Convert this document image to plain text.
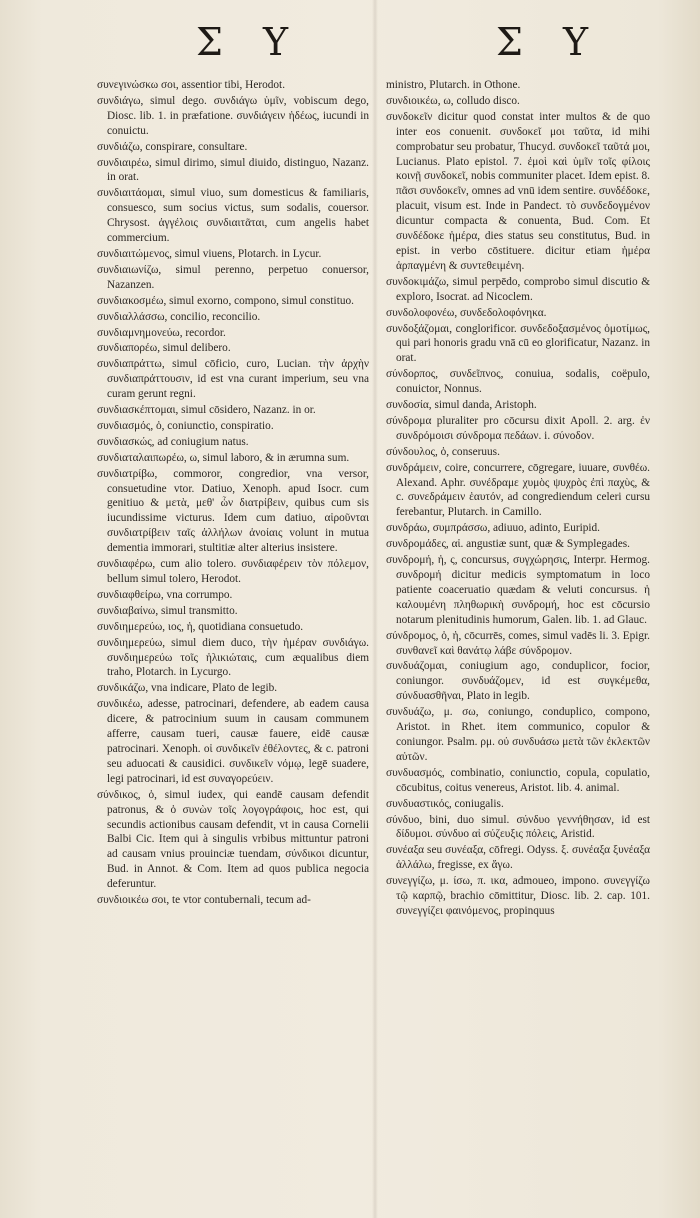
Σ Υ	Σ Υ

συνεγινώσκω σοι, assentior tibi, Herodot.

συνδιάγω, simul dego. συνδιάγω ὑμῖν, vobiscum dego, Diosc. lib. 1. in præfatione. συνδιάγειν ἡδέως, iucundi in conuictu.

συνδιάζω, conspirare, consultare.

συνδιαιρέω, simul dirimo, simul diuido, distinguo, Nazanz. in orat.

συνδιαιτάομαι, simul viuo, sum domesticus & familiaris, consuesco, sum socius victus, sum sodalis, couersor. Chrysost. ἀγγέλοις συνδιαιτᾶται, cum angelis habet commercium.

συνδιαιτώμενος, simul viuens, Plotarch. in Lycur.

συνδιαιωνίζω, simul perenno, perpetuo conuersor, Nazanzen.

συνδιακοσμέω, simul exorno, compono, simul constituo.

συνδιαλλάσσω, concilio, reconcilio.

συνδιαμνημονεύω, recordor.

συνδιαπορέω, simul delibero.

συνδιαπράττω, simul cōficio, curo, Lucian. τὴν ἀρχὴν συνδιαπράττουσιν, id est vna curant imperium, seu vna curam gerunt regni.

συνδιασκέπτομαι, simul cōsidero, Nazanz. in or.

συνδιασμός, ὁ, coniunctio, conspiratio.

συνδιασκώς, ad coniugium natus.

συνδιαταλαιπωρέω, ω, simul laboro, & in ærumna sum.

συνδιατρίβω, commoror, congredior, vna versor, consuetudine vtor. Datiuo, Xenoph. apud Isocr. cum genitiuo & μετὰ, μεθ' ὧν διατρίβειν, quibus cum sis iucundissime victurus. Idem cum datiuo, αἱροῦνται συνδιατρίβειν ταῖς ἀλλήλων ἀνοίαις volunt in mutua dementia immorari, stultitiæ alter alterius insistere.

συνδιαφέρω, cum alio tolero. συνδιαφέρειν τὸν πόλεμον, bellum simul tolero, Herodot.

συνδιαφθείρω, vna corrumpo.

συνδιαβαίνω, simul transmitto.

συνδιημερεύω, ιος, ἡ, quotidiana consuetudo.

συνδιημερεύω, simul diem duco, τὴν ἡμέραν συνδιάγω. συνδιημερεύω τοῖς ἡλικιώταις, cum æqualibus diem traho, Plotarch. in Lycurgo.

συνδικάζω, vna indicare, Plato de legib.

συνδικέω, adesse, patrocinari, defendere, ab eadem causa dicere, & patrocinium suum in causam communem afferre, causam tueri, causæ fauere, eidē causæ patrocinari. Xenoph. οἱ συνδικεῖν ἐθέλοντες, & c. patroni seu aduocati & causidici. συνδικεῖν νόμῳ, legē suadere, legi patrocinari, id est συναγορεύειν.

σύνδικος, ὁ, simul iudex, qui eandē causam defendit patronus, & ὁ συνὼν τοῖς λογογράφοις, hoc est, qui secundis actionibus causam defendit, vt in causa Cornelii Balbi Cic. Item qui à singulis vrbibus mittuntur patroni ad causam vnius prouinciæ tuendam, σύνδικοι dicuntur, Bud. in Annot. & Com. Item ad quos publica negocia deferuntur.

συνδιοικέω σοι, te vtor contubernali, tecum ad-

ministro, Plutarch. in Othone.

συνδιοικέω, ω, colludo disco.

συνδοκεῖν dicitur quod constat inter multos & de quo inter eos conuenit. συνδοκεῖ μοι ταῦτα, id mihi comprobatur seu probatur, Thucyd. συνδοκεῖ ταῦτά μοι, Lucianus. Plato epistol. 7. ἐμοὶ καὶ ὑμῖν τοῖς φίλοις κοινῇ συνδοκεῖ, nobis communiter placet. Idem epist. 8. πᾶσι συνδοκεῖν, omnes ad vnū idem sentire. συνδέδοκε, placuit, visum est. Inde in Pandect. τὸ συνδεδογμένον dicuntur compacta & conuenta, Bud. Com. Et συνδέδοκε ἡμέρα, dies status seu constitutus, Bud. in epist. in verbo cōstituere. dicitur etiam ἡμέρα ἀρπαγμένη & συντεθειμένη.

συνδοκιμάζω, simul perpēdo, comprobo simul discutio & exploro, Isocrat. ad Nicoclem.

συνδολοφονέω, συνδεδολοφόνηκα.

συνδοξάζομαι, conglorificor. συνδεδοξασμένος ὁμοτίμως, qui pari honoris gradu vnā cū eo glorificatur, Nazanz. in orat.

σύνδορπος, συνδεῖπνος, conuiua, sodalis, coëpulo, conuictor, Nonnus.

συνδοσία, simul danda, Aristoph.

σύνδρομα pluraliter pro cōcursu dixit Apoll. 2. arg. ἐν συνδρόμοισι σύνδρομα πεδάων. i. σύνοδον.

σύνδουλος, ὁ, conseruus.

συνδράμειν, coire, concurrere, cōgregare, iuuare, συνθέω. Alexand. Aphr. συνέδραμε χυμὸς ψυχρὸς ἐπὶ παχὺς, & c. συνεδράμειν ἑαυτόν, ad congrediendum celeri cursu ferebantur, Plutarch. in Camillo.

συνδράω, συμπράσσω, adiuuo, adinto, Euripid.

συνδρομάδες, αἱ. angustiæ sunt, quæ & Symplegades.

συνδρομή, ἡ, ς, concursus, συγχώρησις, Interpr. Hermog. συνδρομή dicitur medicis symptomatum in loco patiente coaceruatio quædam & veluti concursus. ἡ καλουμένη πληθωρικὴ συνδρομή, hoc est cōcursio notarum plenitudinis humorum, Galen. lib. 1. ad Glauc.

σύνδρομος, ὁ, ἡ, cōcurrēs, comes, simul vadēs li. 3. Epigr. συνθανεῖ καὶ θανάτῳ λάβε σύνδρομον.

συνδυάζομαι, coniugium ago, conduplicor, focior, coniungor. συνδυάζομεν, id est συγκέμεθα, σύνδυασθῆναι, Plato in legib.

συνδυάζω, μ. σω, coniungo, conduplico, compono, Aristot. in Rhet. item communico, copulor & coniungor. Psalm. ρμ. οὐ συνδυάσω μετὰ τῶν ἐκλεκτῶν αὐτῶν.

συνδυασμός, combinatio, coniunctio, copula, copulatio, cōcubitus, coitus venereus, Aristot. lib. 4. animal.

συνδυαστικός, coniugalis.

σύνδυο, bini, duo simul. σύνδυο γεννήθησαν, id est δίδυμοι. σύνδυο αἱ σύζευξις πόλεις, Aristid.

συνέαξα seu συνέαξα, cōfregi. Odyss. ξ. συνέαξα ξυνέαξα ἀλλάλω, fregisse, ex ἄγω.

συνεγγίζω, μ. ίσω, π. ικα, admoueo, impono. συνεγγίζω τῷ καρπῷ, brachio cōmittitur, Diosc. lib. 2. cap. 101. συνεγγίζει φαινόμενος, propinquus
